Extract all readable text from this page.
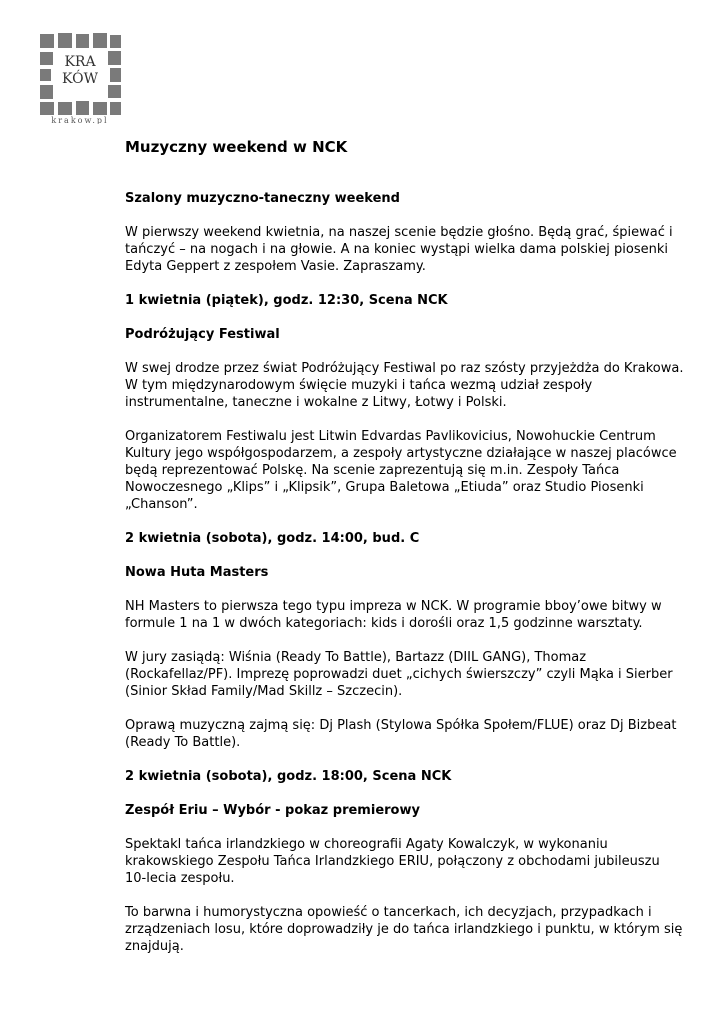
KRA
KÓW
krakow.pl
Muzyczny weekend w NCK
Szalony muzyczno-taneczny weekend
W pierwszy weekend kwietnia, na naszej scenie będzie głośno. Będą grać, śpiewać i
tańczyć – na nogach i na głowie. A na koniec wystąpi wielka dama polskiej piosenki
Edyta Geppert z zespołem Vasie. Zapraszamy.
1 kwietnia (piątek), godz. 12:30, Scena NCK
Podróżujący Festiwal
W swej drodze przez świat Podróżujący Festiwal po raz szósty przyjeżdża do Krakowa.
W tym międzynarodowym święcie muzyki i tańca wezmą udział zespoły
instrumentalne, taneczne i wokalne z Litwy, Łotwy i Polski.
Organizatorem Festiwalu jest Litwin Edvardas Pavlikovicius, Nowohuckie Centrum
Kultury jego współgospodarzem, a zespoły artystyczne działające w naszej placówce
będą reprezentować Polskę. Na scenie zaprezentują się m.in. Zespoły Tańca
Nowoczesnego „Klips” i „Klipsik”, Grupa Baletowa „Etiuda” oraz Studio Piosenki
„Chanson”.
2 kwietnia (sobota), godz. 14:00, bud. C
Nowa Huta Masters
NH Masters to pierwsza tego typu impreza w NCK. W programie bboy’owe bitwy w
formule 1 na 1 w dwóch kategoriach: kids i dorośli oraz 1,5 godzinne warsztaty.
W jury zasiądą: Wiśnia (Ready To Battle), Bartazz (DIIL GANG), Thomaz
(Rockafellaz/PF). Imprezę poprowadzi duet „cichych świerszczy” czyli Mąka i Sierber
(Sinior Skład Family/Mad Skillz – Szczecin).
Oprawą muzyczną zajmą się: Dj Plash (Stylowa Spółka Społem/FLUE) oraz Dj Bizbeat
(Ready To Battle).
2 kwietnia (sobota), godz. 18:00, Scena NCK
Zespół Eriu – Wybór - pokaz premierowy
Spektakl tańca irlandzkiego w choreografii Agaty Kowalczyk, w wykonaniu
krakowskiego Zespołu Tańca Irlandzkiego ERIU, połączony z obchodami jubileuszu
10-lecia zespołu.
To barwna i humorystyczna opowieść o tancerkach, ich decyzjach, przypadkach i
zrządzeniach losu, które doprowadziły je do tańca irlandzkiego i punktu, w którym się
znajdują.
